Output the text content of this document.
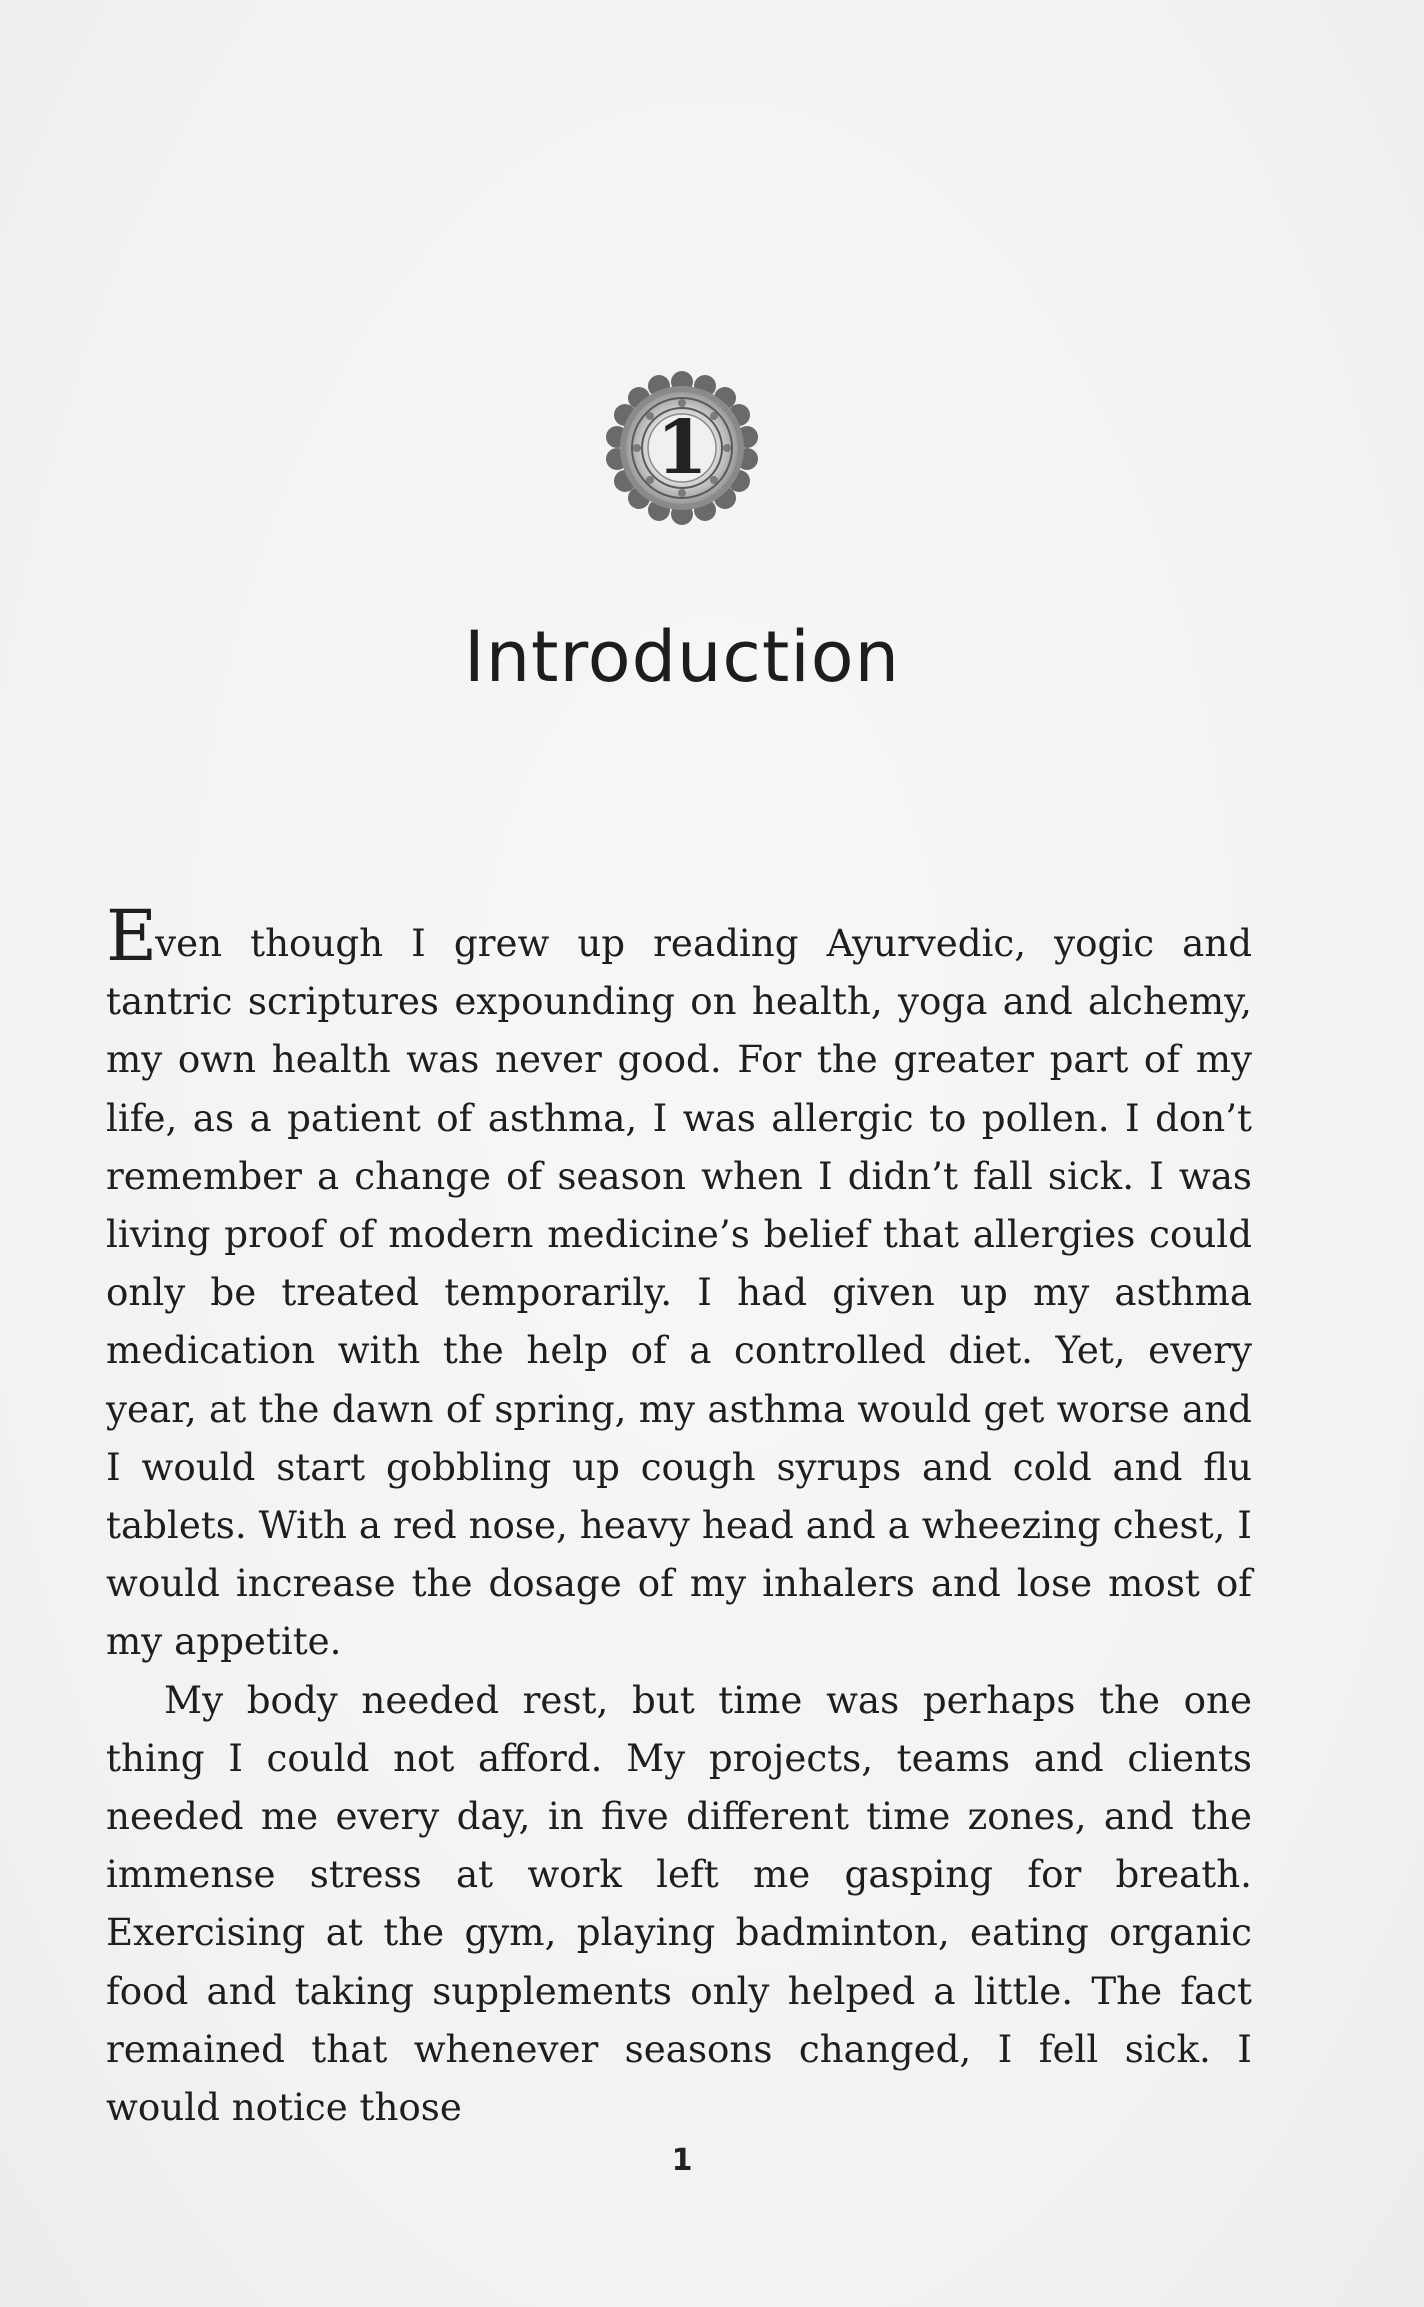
1
Introduction

Even though I grew up reading Ayurvedic, yogic and tantric scriptures expounding on health, yoga and alchemy, my own health was never good. For the greater part of my life, as a patient of asthma, I was allergic to pollen. I don’t remember a change of season when I didn’t fall sick. I was living proof of modern medicine’s belief that allergies could only be treated temporarily. I had given up my asthma medication with the help of a controlled diet. Yet, every year, at the dawn of spring, my asthma would get worse and I would start gobbling up cough syrups and cold and flu tablets. With a red nose, heavy head and a wheezing chest, I would increase the dosage of my inhalers and lose most of my appetite.

My body needed rest, but time was perhaps the one thing I could not afford. My projects, teams and clients needed me every day, in five different time zones, and the immense stress at work left me gasping for breath. Exercising at the gym, playing badminton, eating organic food and taking supplements only helped a little. The fact remained that whenever seasons changed, I fell sick. I would notice those

1
